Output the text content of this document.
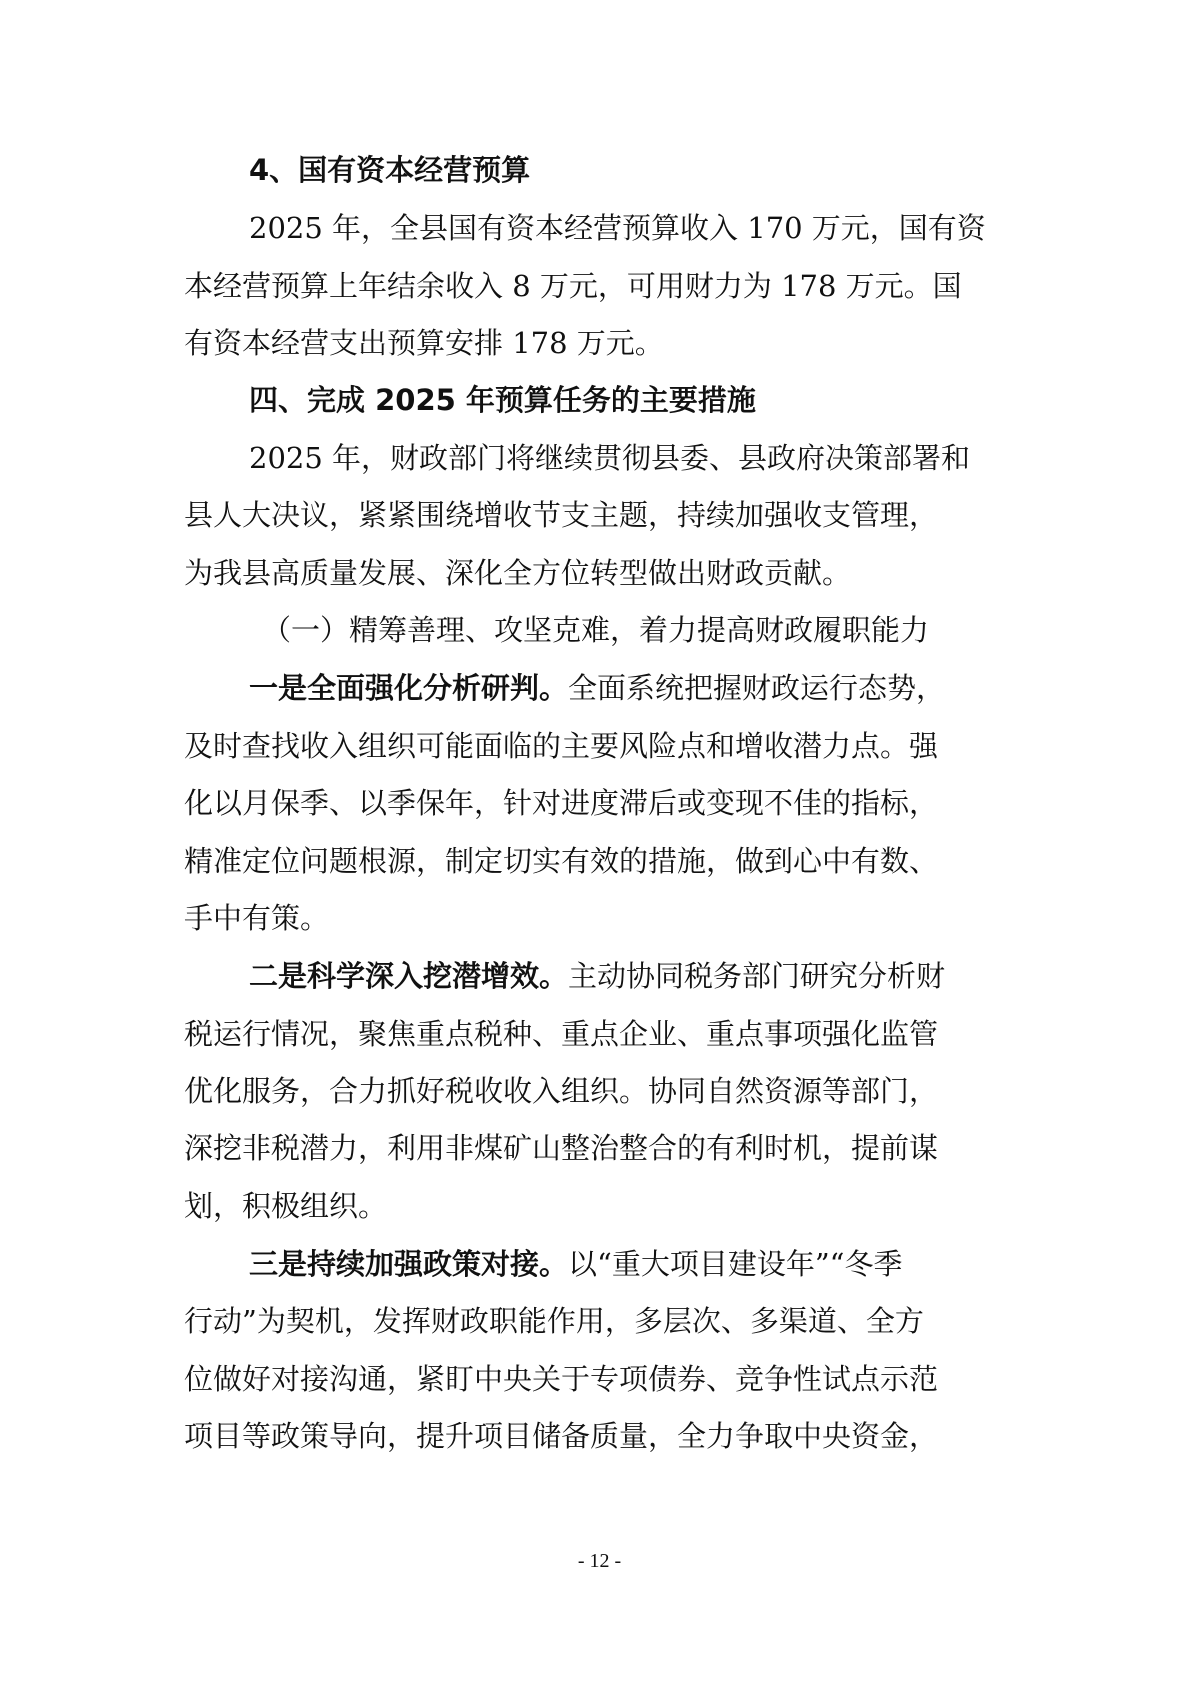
4、国有资本经营预算
2025 年，全县国有资本经营预算收入 170 万元，国有资
本经营预算上年结余收入 8 万元，可用财力为 178 万元。国
有资本经营支出预算安排 178 万元。
四、完成 2025 年预算任务的主要措施
2025 年，财政部门将继续贯彻县委、县政府决策部署和
县人大决议，紧紧围绕增收节支主题，持续加强收支管理，
为我县高质量发展、深化全方位转型做出财政贡献。
（一）精筹善理、攻坚克难，着力提高财政履职能力
一是全面强化分析研判。全面系统把握财政运行态势，
及时查找收入组织可能面临的主要风险点和增收潜力点。强
化以月保季、以季保年，针对进度滞后或变现不佳的指标，
精准定位问题根源，制定切实有效的措施，做到心中有数、
手中有策。
二是科学深入挖潜增效。主动协同税务部门研究分析财
税运行情况，聚焦重点税种、重点企业、重点事项强化监管
优化服务，合力抓好税收收入组织。协同自然资源等部门，
深挖非税潜力，利用非煤矿山整治整合的有利时机，提前谋
划，积极组织。
三是持续加强政策对接。以“重大项目建设年”“冬季
行动”为契机，发挥财政职能作用，多层次、多渠道、全方
位做好对接沟通，紧盯中央关于专项债券、竞争性试点示范
项目等政策导向，提升项目储备质量，全力争取中央资金，
- 12 -
